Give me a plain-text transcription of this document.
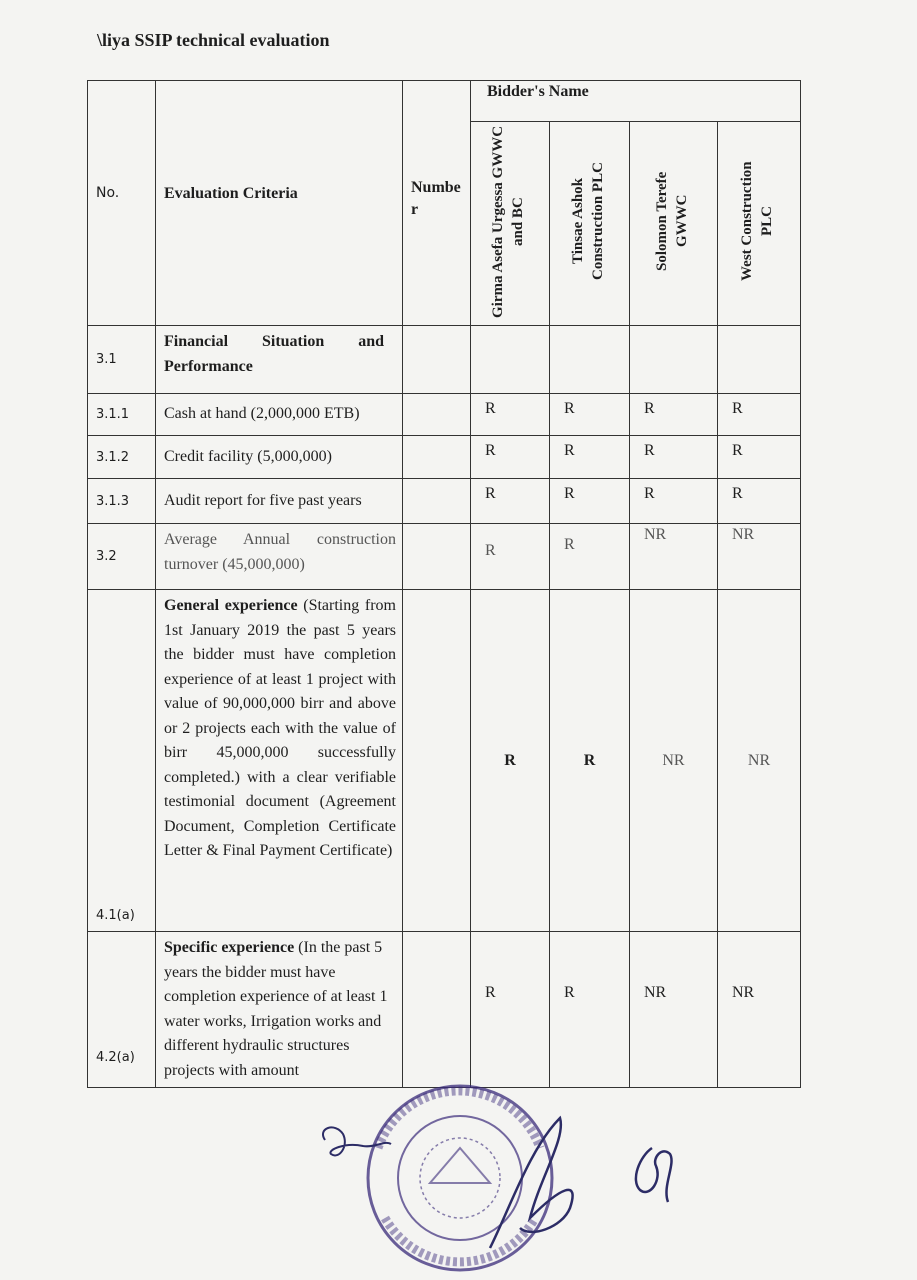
\liya SSIP technical evaluation
No.	Evaluation Criteria	Numbe r	Bidder's Name			
			Girma Asefa Urgessa GWWC and BC	Tinsae Ashok Construction PLC	Solomon Terefe GWWC	West Construction PLC
3.1	Financial Situation and Performance					

3.1.1	Cash at hand (2,000,000 ETB)		R	R	R	R
3.1.2	Credit facility (5,000,000)		R	R	R	R
3.1.3	Audit report for five past years		R	R	R	R
3.2	Average Annual construction turnover (45,000,000)		R	R	NR	NR
4.1(a)	General experience (Starting from 1st January 2019 the past 5 years the bidder must have completion experience of at least 1 project with value of 90,000,000 birr and above or 2 projects each with the value of birr 45,000,000 successfully completed.) with a clear verifiable testimonial document (Agreement Document, Completion Certificate Letter & Final Payment Certificate)		R	R	NR	NR
4.2(a)	Specific experience (In the past 5 years the bidder must have completion experience of at least 1 water works, Irrigation works and different hydraulic structures projects with amount		R	R	NR	NR
